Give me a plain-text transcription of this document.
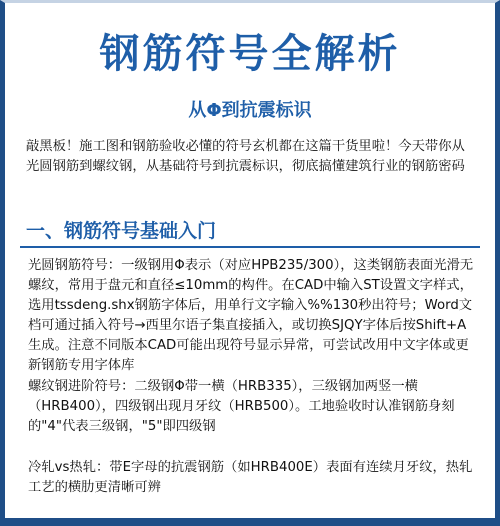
钢筋符号全解析
从Φ到抗震标识
敲黑板！施工图和钢筋验收必懂的符号玄机都在这篇干货里啦！今天带你从光圆钢筋到螺纹钢，从基础符号到抗震标识，彻底搞懂建筑行业的钢筋密码
一、钢筋符号基础入门
光圆钢筋符号：一级钢用Φ表示（对应HPB235/300），这类钢筋表面光滑无螺纹，常用于盘元和直径≤10mm的构件。在CAD中输入ST设置文字样式，选用tssdeng.shx钢筋字体后，用单行文字输入%%130秒出符号；Word文档可通过插入符号→西里尔语子集直接插入，或切换SJQY字体后按Shift+A生成。注意不同版本CAD可能出现符号显示异常，可尝试改用中文字体或更新钢筋专用字体库
螺纹钢进阶符号：二级钢Φ带一横（HRB335），三级钢加两竖一横（HRB400），四级钢出现月牙纹（HRB500）。工地验收时认准钢筋身刻的"4"代表三级钢，"5"即四级钢
冷轧vs热轧：带E字母的抗震钢筋（如HRB400E）表面有连续月牙纹，热轧工艺的横肋更清晰可辨
